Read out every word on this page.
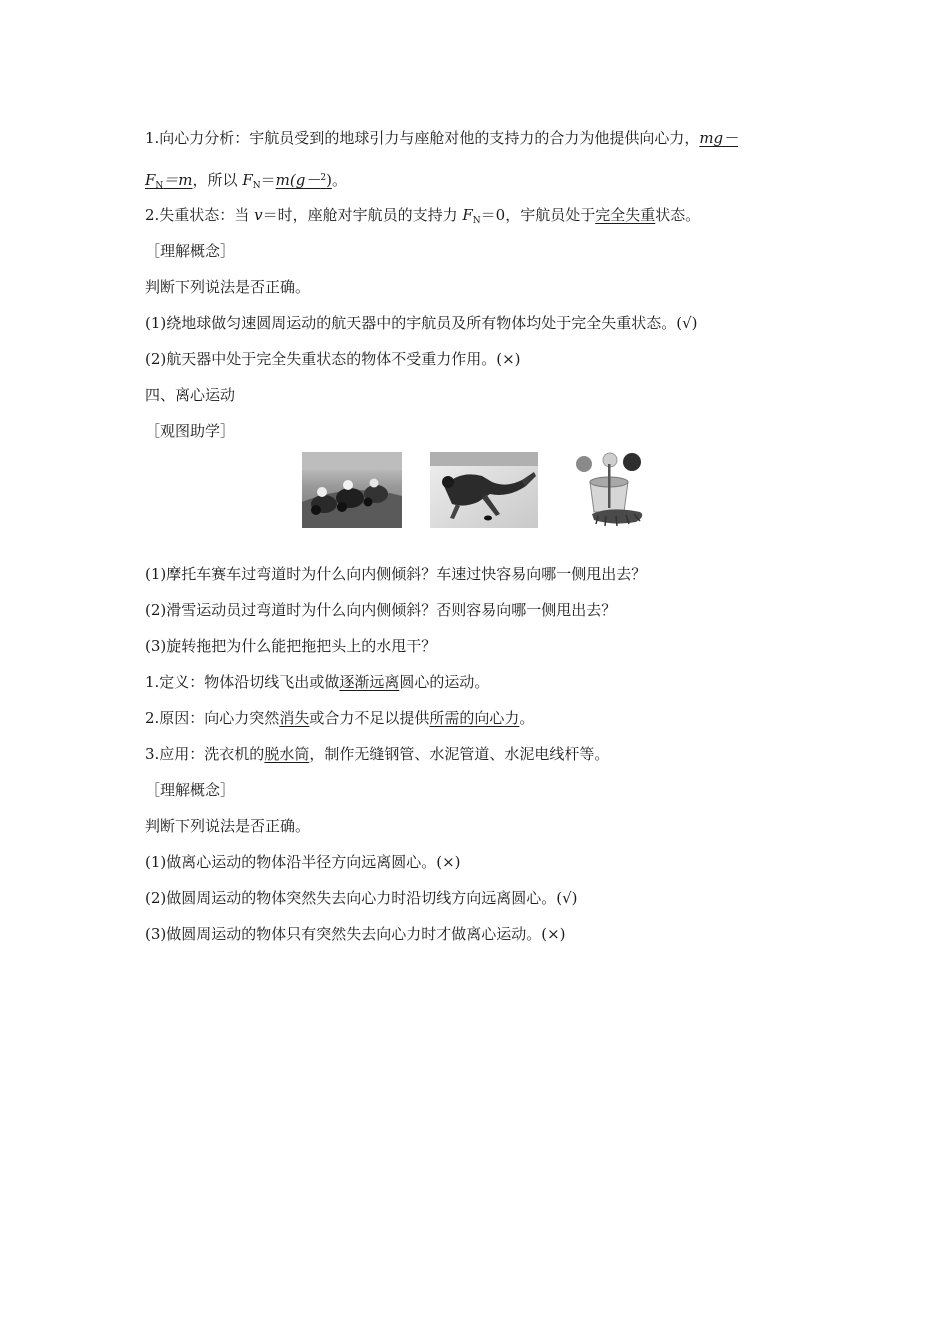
1.向心力分析：宇航员受到的地球引力与座舱对他的支持力的合力为他提供向心力，mg－
$F_N=m$，所以 $F_N=m(g-^2)$。
2.失重状态：当 v＝时，座舱对宇航员的支持力 $F_N=0$，宇航员处于完全失重状态。
［理解概念］
判断下列说法是否正确。
(1)绕地球做匀速圆周运动的航天器中的宇航员及所有物体均处于完全失重状态。(√)
(2)航天器中处于完全失重状态的物体不受重力作用。(×)
四、离心运动
［观图助学］
(1)摩托车赛车过弯道时为什么向内侧倾斜？车速过快容易向哪一侧甩出去？
(2)滑雪运动员过弯道时为什么向内侧倾斜？否则容易向哪一侧甩出去？
(3)旋转拖把为什么能把拖把头上的水甩干？
1.定义：物体沿切线飞出或做逐渐远离圆心的运动。
2.原因：向心力突然消失或合力不足以提供所需的向心力。
3.应用：洗衣机的脱水筒，制作无缝钢管、水泥管道、水泥电线杆等。
［理解概念］
判断下列说法是否正确。
(1)做离心运动的物体沿半径方向远离圆心。(×)
(2)做圆周运动的物体突然失去向心力时沿切线方向远离圆心。(√)
(3)做圆周运动的物体只有突然失去向心力时才做离心运动。(×)
